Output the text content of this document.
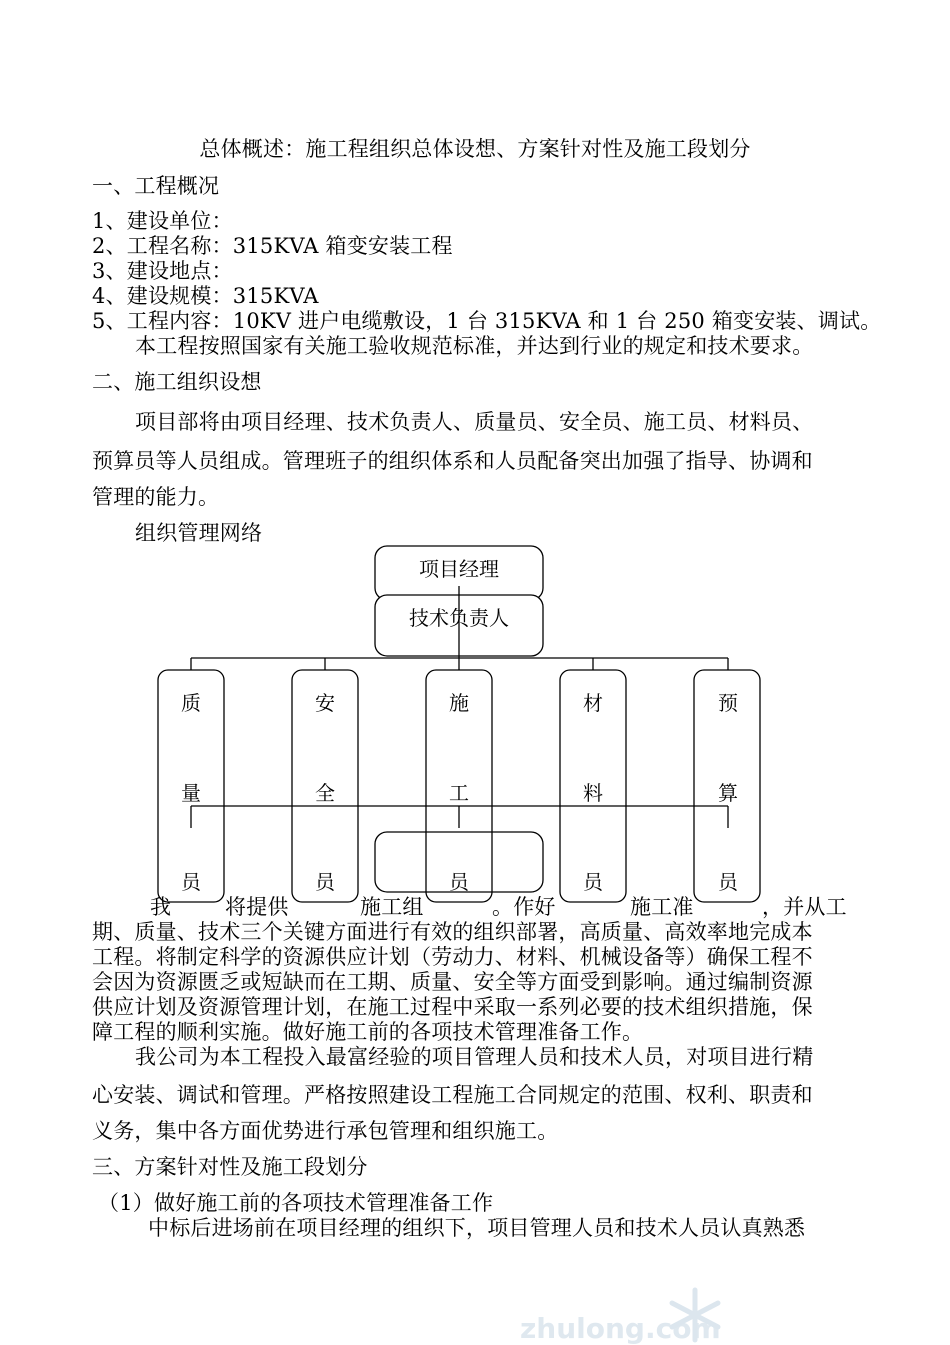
总体概述：施工程组织总体设想、方案针对性及施工段划分
一、工程概况
1、建设单位：
2、工程名称：315KVA 箱变安装工程
3、建设地点：
4、建设规模：315KVA
5、工程内容：10KV 进户电缆敷设，1 台 315KVA 和 1 台 250 箱变安装、调试。
本工程按照国家有关施工验收规范标准，并达到行业的规定和技术要求。
二、施工组织设想
项目部将由项目经理、技术负责人、质量员、安全员、施工员、材料员、
预算员等人员组成。管理班子的组织体系和人员配备突出加强了指导、协调和
管理的能力。
组织管理网络
我	将提供	施工组	。作好	施工准	，并从工
期、质量、技术三个关键方面进行有效的组织部署，高质量、高效率地完成本
工程。将制定科学的资源供应计划（劳动力、材料、机械设备等）确保工程不
会因为资源匮乏或短缺而在工期、质量、安全等方面受到影响。通过编制资源
供应计划及资源管理计划，在施工过程中采取一系列必要的技术组织措施，保
障工程的顺利实施。做好施工前的各项技术管理准备工作。
项目经理
技术负责人
质
量
员
安
全
员
施
工
员
材
料
员
预
算
员
我公司为本工程投入最富经验的项目管理人员和技术人员，对项目进行精
心安装、调试和管理。严格按照建设工程施工合同规定的范围、权利、职责和
义务，集中各方面优势进行承包管理和组织施工。
三、方案针对性及施工段划分
（1）做好施工前的各项技术管理准备工作
中标后进场前在项目经理的组织下，项目管理人员和技术人员认真熟悉
zhulong.com
